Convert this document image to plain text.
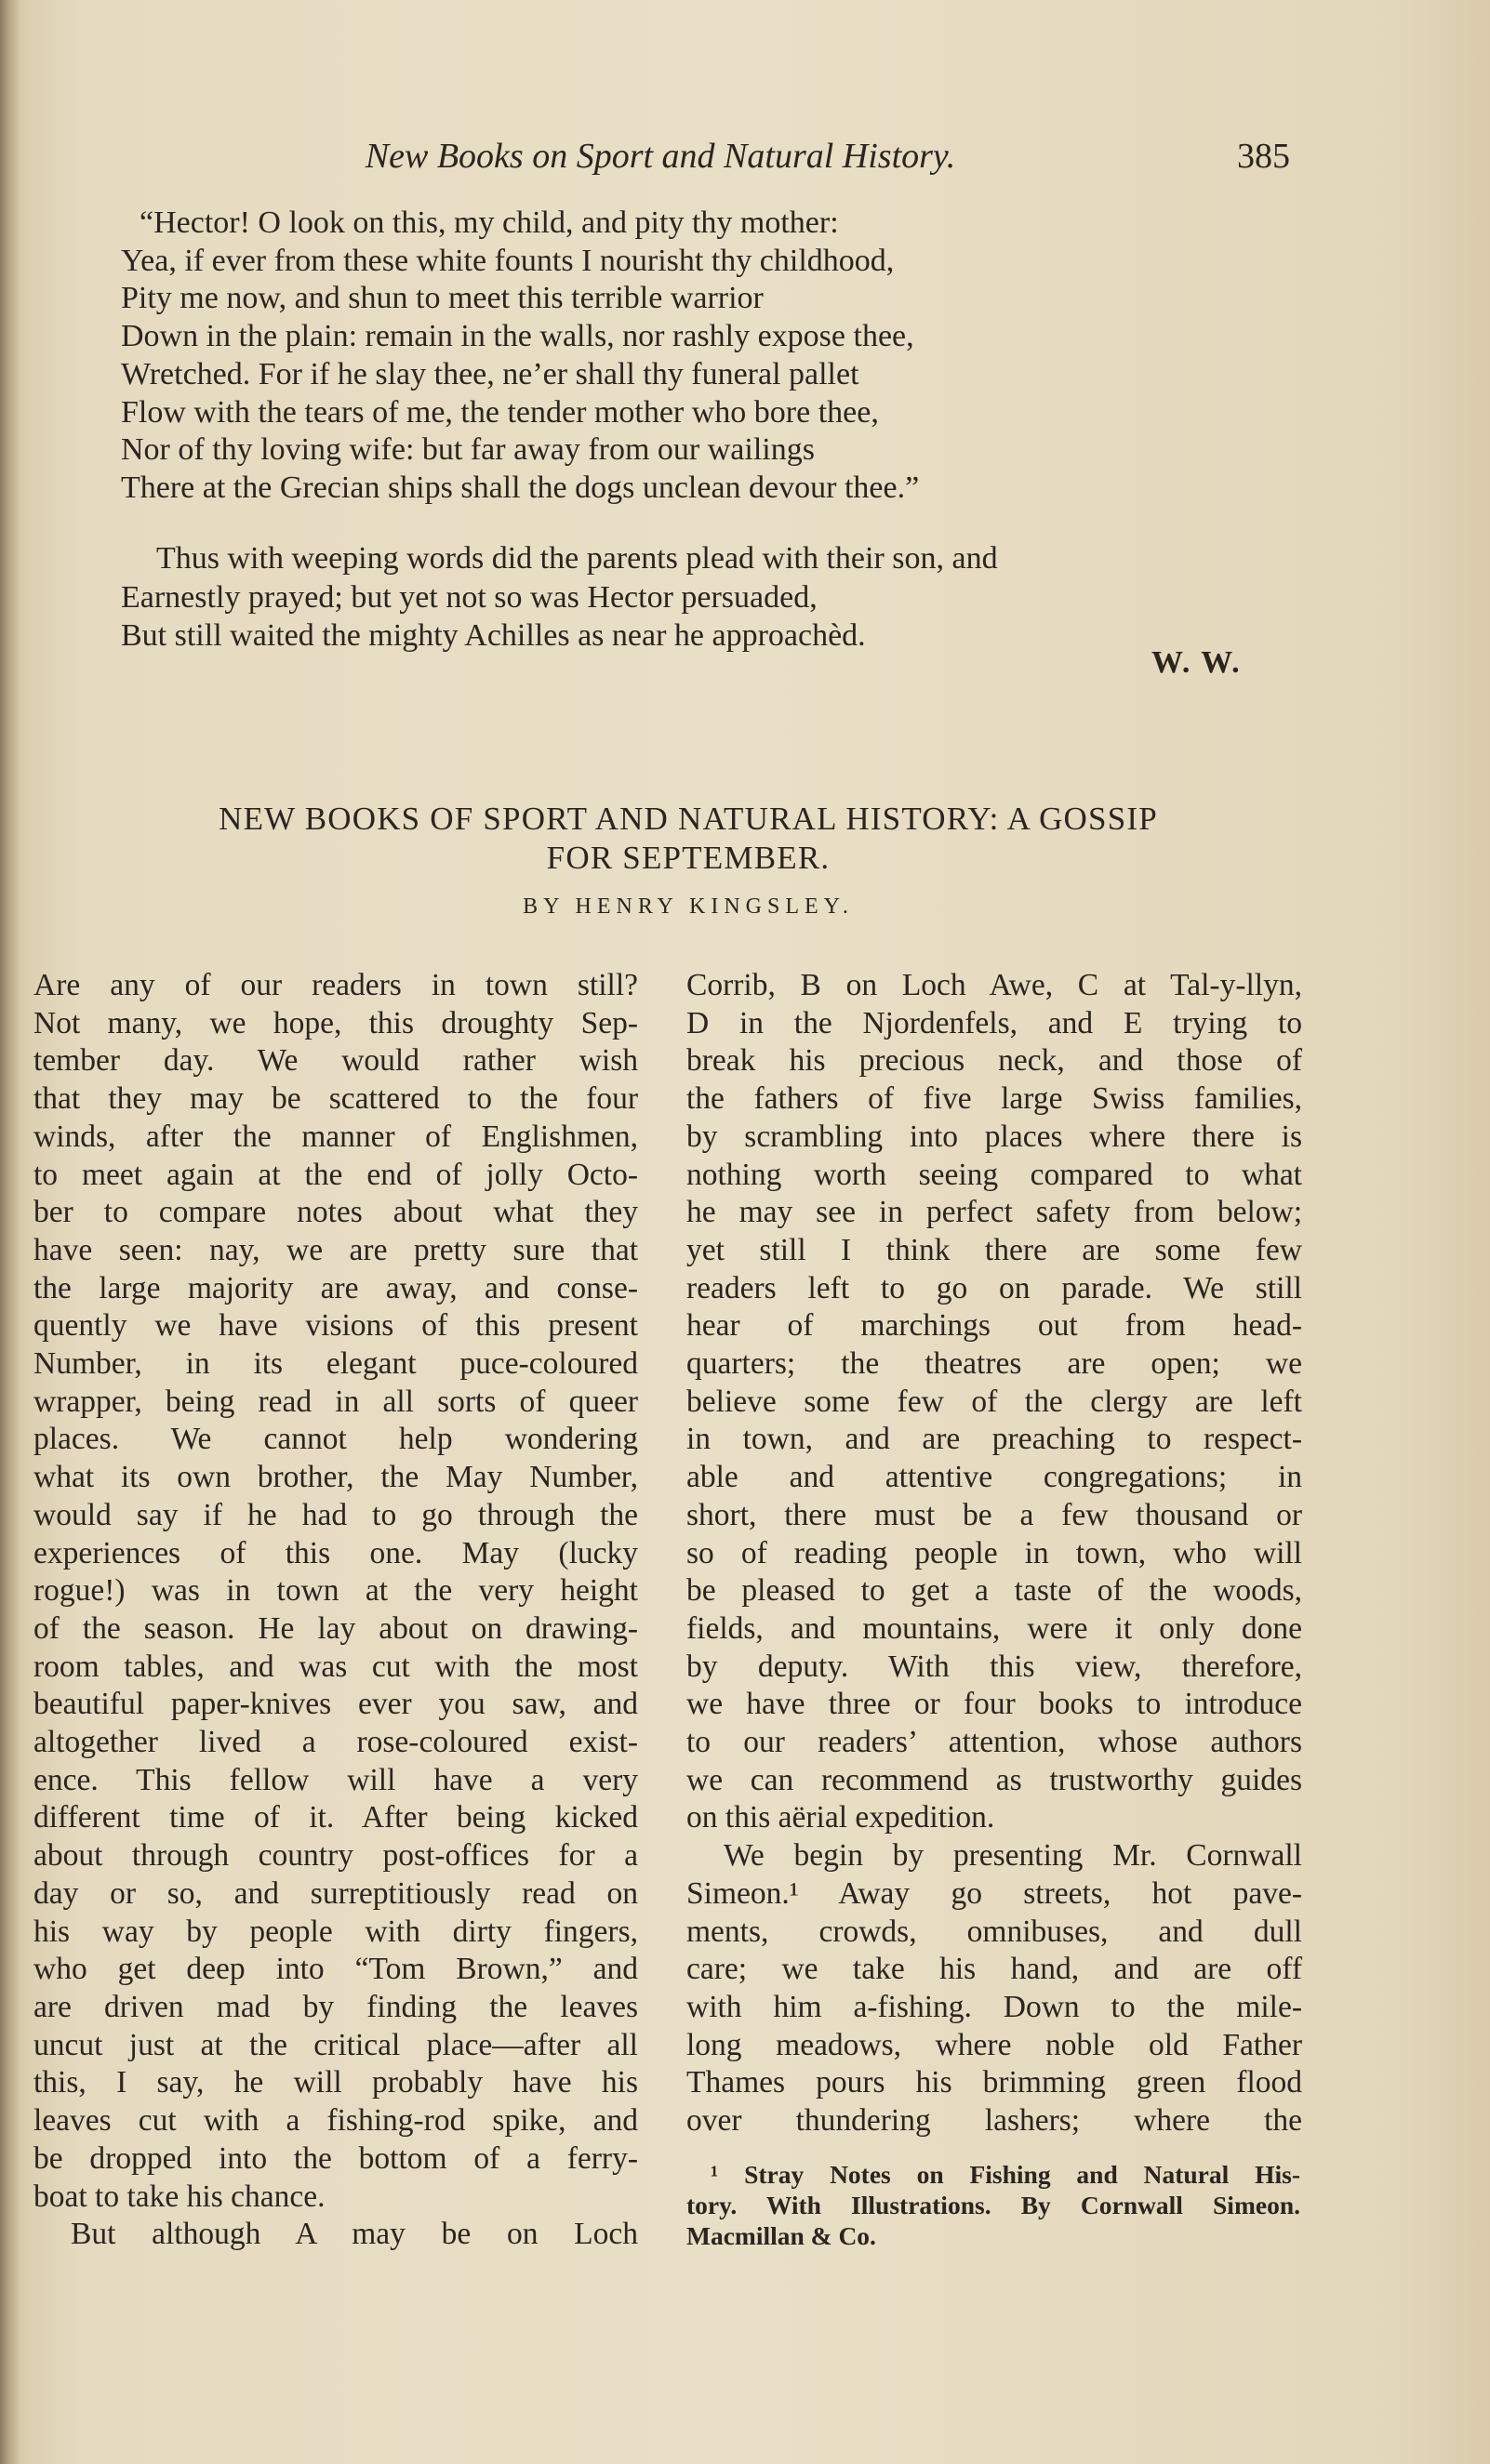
New Books on Sport and Natural History.	385
“Hector! O look on this, my child, and pity thy mother:
Yea, if ever from these white founts I nourisht thy childhood,
Pity me now, and shun to meet this terrible warrior
Down in the plain: remain in the walls, nor rashly expose thee,
Wretched. For if he slay thee, ne’er shall thy funeral pallet
Flow with the tears of me, the tender mother who bore thee,
Nor of thy loving wife: but far away from our wailings
There at the Grecian ships shall the dogs unclean devour thee.”
Thus with weeping words did the parents plead with their son, and
Earnestly prayed; but yet not so was Hector persuaded,
But still waited the mighty Achilles as near he approachèd.
W. W.
NEW BOOKS OF SPORT AND NATURAL HISTORY: A GOSSIP
FOR SEPTEMBER.
BY HENRY KINGSLEY.
Are any of our readers in town still?
Not many, we hope, this droughty Sep-
tember day. We would rather wish
that they may be scattered to the four
winds, after the manner of Englishmen,
to meet again at the end of jolly Octo-
ber to compare notes about what they
have seen: nay, we are pretty sure that
the large majority are away, and conse-
quently we have visions of this present
Number, in its elegant puce-coloured
wrapper, being read in all sorts of queer
places. We cannot help wondering
what its own brother, the May Number,
would say if he had to go through the
experiences of this one. May (lucky
rogue!) was in town at the very height
of the season. He lay about on drawing-
room tables, and was cut with the most
beautiful paper-knives ever you saw, and
altogether lived a rose-coloured exist-
ence. This fellow will have a very
different time of it. After being kicked
about through country post-offices for a
day or so, and surreptitiously read on
his way by people with dirty fingers,
who get deep into “Tom Brown,” and
are driven mad by finding the leaves
uncut just at the critical place—after all
this, I say, he will probably have his
leaves cut with a fishing-rod spike, and
be dropped into the bottom of a ferry-
boat to take his chance.
But although A may be on Loch
Corrib, B on Loch Awe, C at Tal-y-llyn,
D in the Njordenfels, and E trying to
break his precious neck, and those of
the fathers of five large Swiss families,
by scrambling into places where there is
nothing worth seeing compared to what
he may see in perfect safety from below;
yet still I think there are some few
readers left to go on parade. We still
hear of marchings out from head-
quarters; the theatres are open; we
believe some few of the clergy are left
in town, and are preaching to respect-
able and attentive congregations; in
short, there must be a few thousand or
so of reading people in town, who will
be pleased to get a taste of the woods,
fields, and mountains, were it only done
by deputy. With this view, therefore,
we have three or four books to introduce
to our readers’ attention, whose authors
we can recommend as trustworthy guides
on this aërial expedition.
We begin by presenting Mr. Cornwall
Simeon.¹ Away go streets, hot pave-
ments, crowds, omnibuses, and dull
care; we take his hand, and are off
with him a-fishing. Down to the mile-
long meadows, where noble old Father
Thames pours his brimming green flood
over thundering lashers; where the
¹ Stray Notes on Fishing and Natural His-
tory. With Illustrations. By Cornwall Simeon.
Macmillan & Co.
